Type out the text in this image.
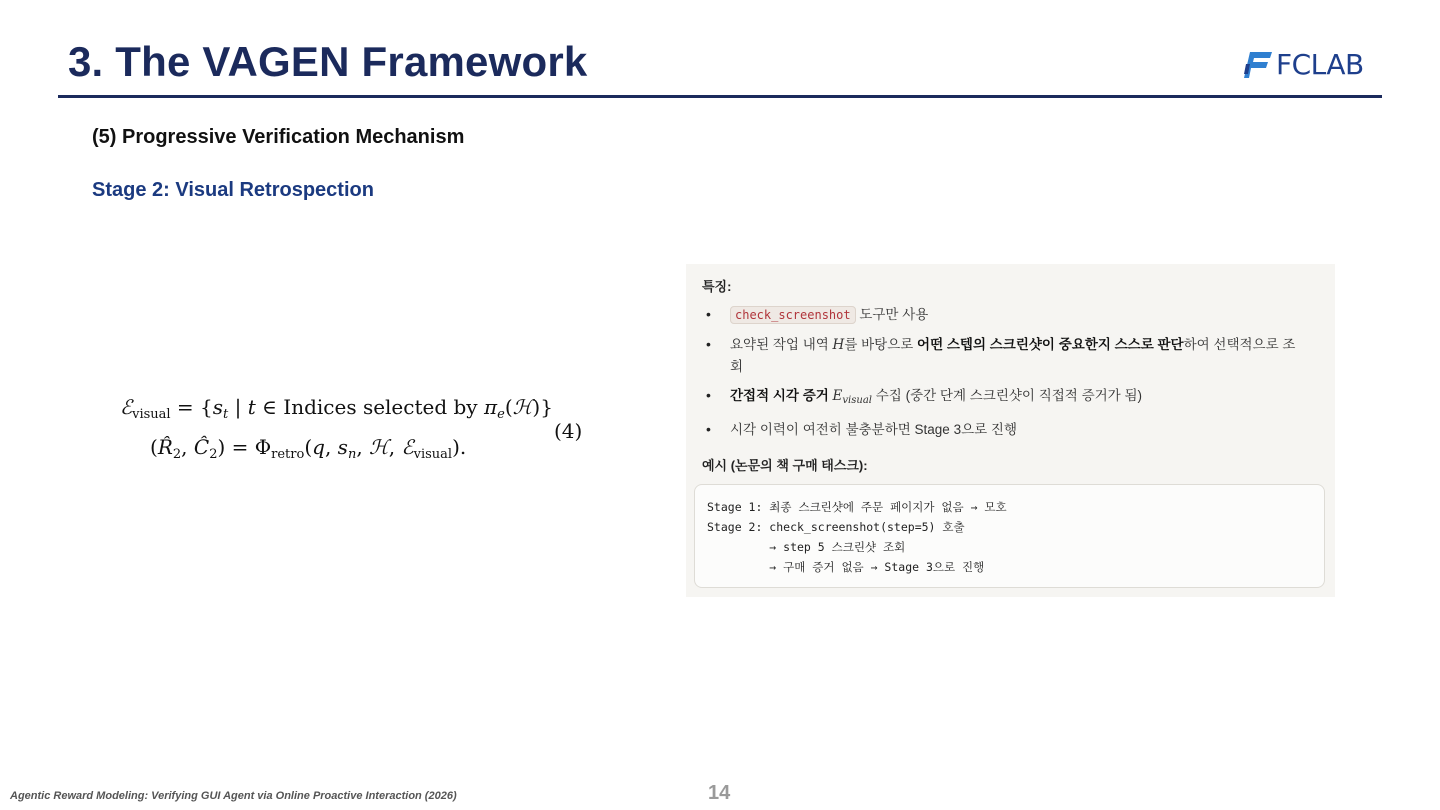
3. The VAGEN Framework	FCLAB
(5) Progressive Verification Mechanism
Stage 2: Visual Retrospection
ℰ$_{visual}$ = {$s_t$ | t ∈ Indices selected by $\pi_e(ℋ)$}
($R̂_2$, $Ĉ_2) = \Phi_{retro}(q$, $s_n$, ℋ, ℰ$_{visual}$).
(4)
특징:
• check_screenshot 도구만 사용
• 요약된 작업 내역 H를 바탕으로 어떤 스텝의 스크린샷이 중요한지 스스로 판단하여 선택적으로 조회
• 간접적 시각 증거 $E_{visual}$ 수집 (중간 단계 스크린샷이 직접적 증거가 됨)
• 시각 이력이 여전히 불충분하면 Stage 3으로 진행
예시 (논문의 책 구매 태스크):
Stage 1: 최종 스크린샷에 주문 페이지가 없음 → 모호
Stage 2: check_screenshot(step=5) 호출
→ step 5 스크린샷 조회
→ 구매 증거 없음 → Stage 3으로 진행
Agentic Reward Modeling: Verifying GUI Agent via Online Proactive Interaction (2026)	14
